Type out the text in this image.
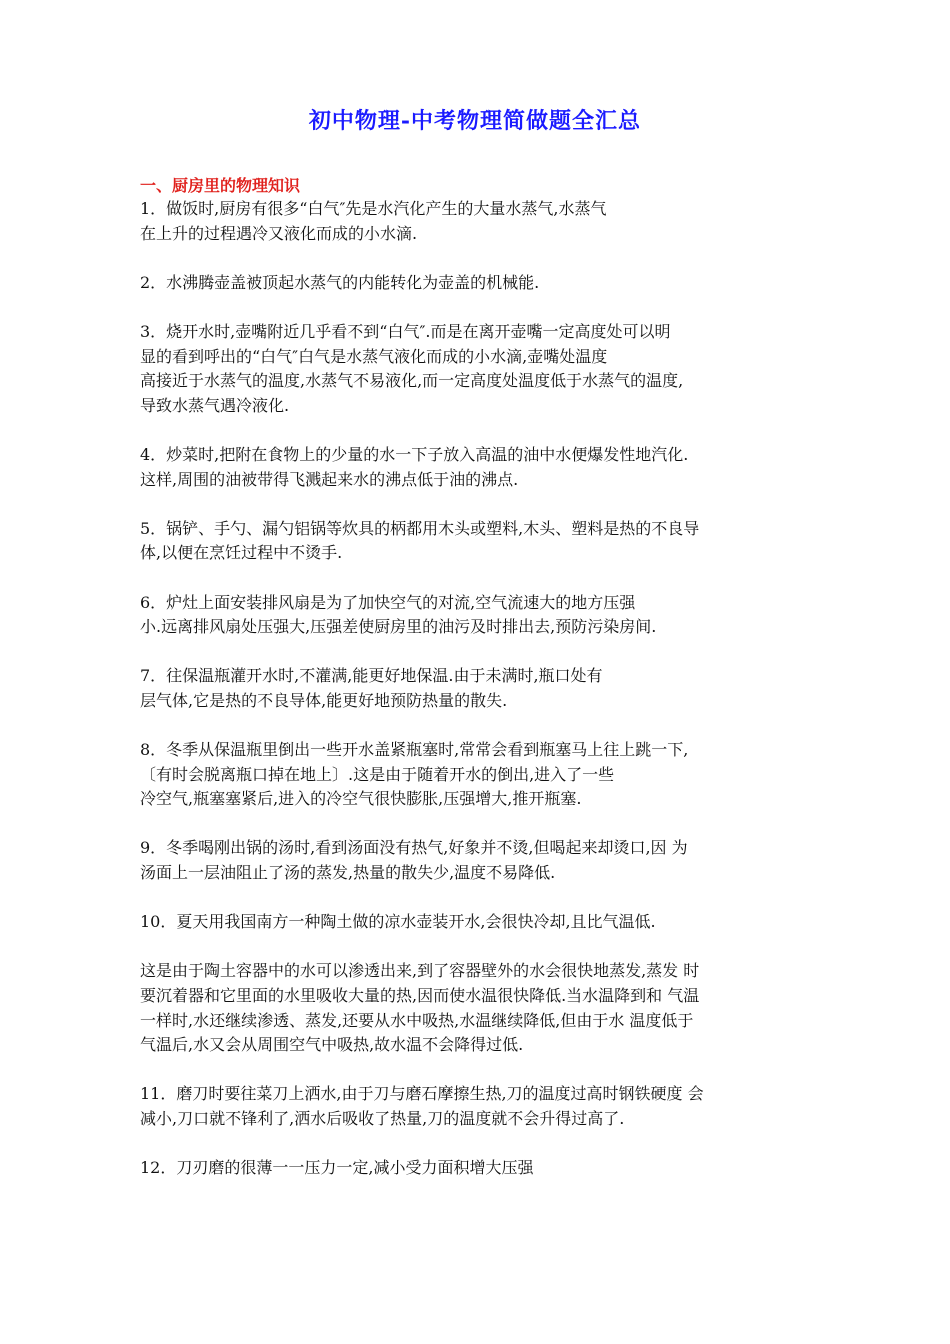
初中物理-中考物理简做题全汇总
一、厨房里的物理知识
1．做饭时,厨房有很多“白气″先是水汽化产生的大量水蒸气,水蒸气
在上升的过程遇冷又液化而成的小水滴.
2．水沸腾壶盖被顶起水蒸气的内能转化为壶盖的机械能.
3．烧开水时,壶嘴附近几乎看不到“白气″.而是在离开壶嘴一定高度处可以明
显的看到呼出的“白气″白气是水蒸气液化而成的小水滴,壶嘴处温度
高接近于水蒸气的温度,水蒸气不易液化,而一定高度处温度低于水蒸气的温度,
导致水蒸气遇冷液化.
4．炒菜时,把附在食物上的少量的水一下子放入高温的油中水便爆发性地汽化.
这样,周围的油被带得飞溅起来水的沸点低于油的沸点.
5．锅铲、手勺、漏勺铝锅等炊具的柄都用木头或塑料,木头、塑料是热的不良导
体,以便在烹饪过程中不烫手.
6．炉灶上面安装排风扇是为了加快空气的对流,空气流速大的地方压强
小.远离排风扇处压强大,压强差使厨房里的油污及时排出去,预防污染房间.
7．往保温瓶灌开水时,不灌满,能更好地保温.由于未满时,瓶口处有
层气体,它是热的不良导体,能更好地预防热量的散失.
8．冬季从保温瓶里倒出一些开水盖紧瓶塞时,常常会看到瓶塞马上往上跳一下,
〔有时会脱离瓶口掉在地上〕.这是由于随着开水的倒出,进入了一些
冷空气,瓶塞塞紧后,进入的冷空气很快膨胀,压强增大,推开瓶塞.
9．冬季喝刚出锅的汤时,看到汤面没有热气,好象并不烫,但喝起来却烫口,因 为
汤面上一层油阻止了汤的蒸发,热量的散失少,温度不易降低.
10．夏天用我国南方一种陶土做的凉水壶装开水,会很快冷却,且比气温低.
这是由于陶土容器中的水可以渗透出来,到了容器壁外的水会很快地蒸发,蒸发 时
要沉着器和它里面的水里吸收大量的热,因而使水温很快降低.当水温降到和 气温
一样时,水还继续渗透、蒸发,还要从水中吸热,水温继续降低,但由于水 温度低于
气温后,水又会从周围空气中吸热,故水温不会降得过低.
11．磨刀时要往菜刀上洒水,由于刀与磨石摩擦生热,刀的温度过高时钢铁硬度 会
减小,刀口就不锋利了,洒水后吸收了热量,刀的温度就不会升得过高了.
12．刀刃磨的很薄一一压力一定,减小受力面积增大压强
